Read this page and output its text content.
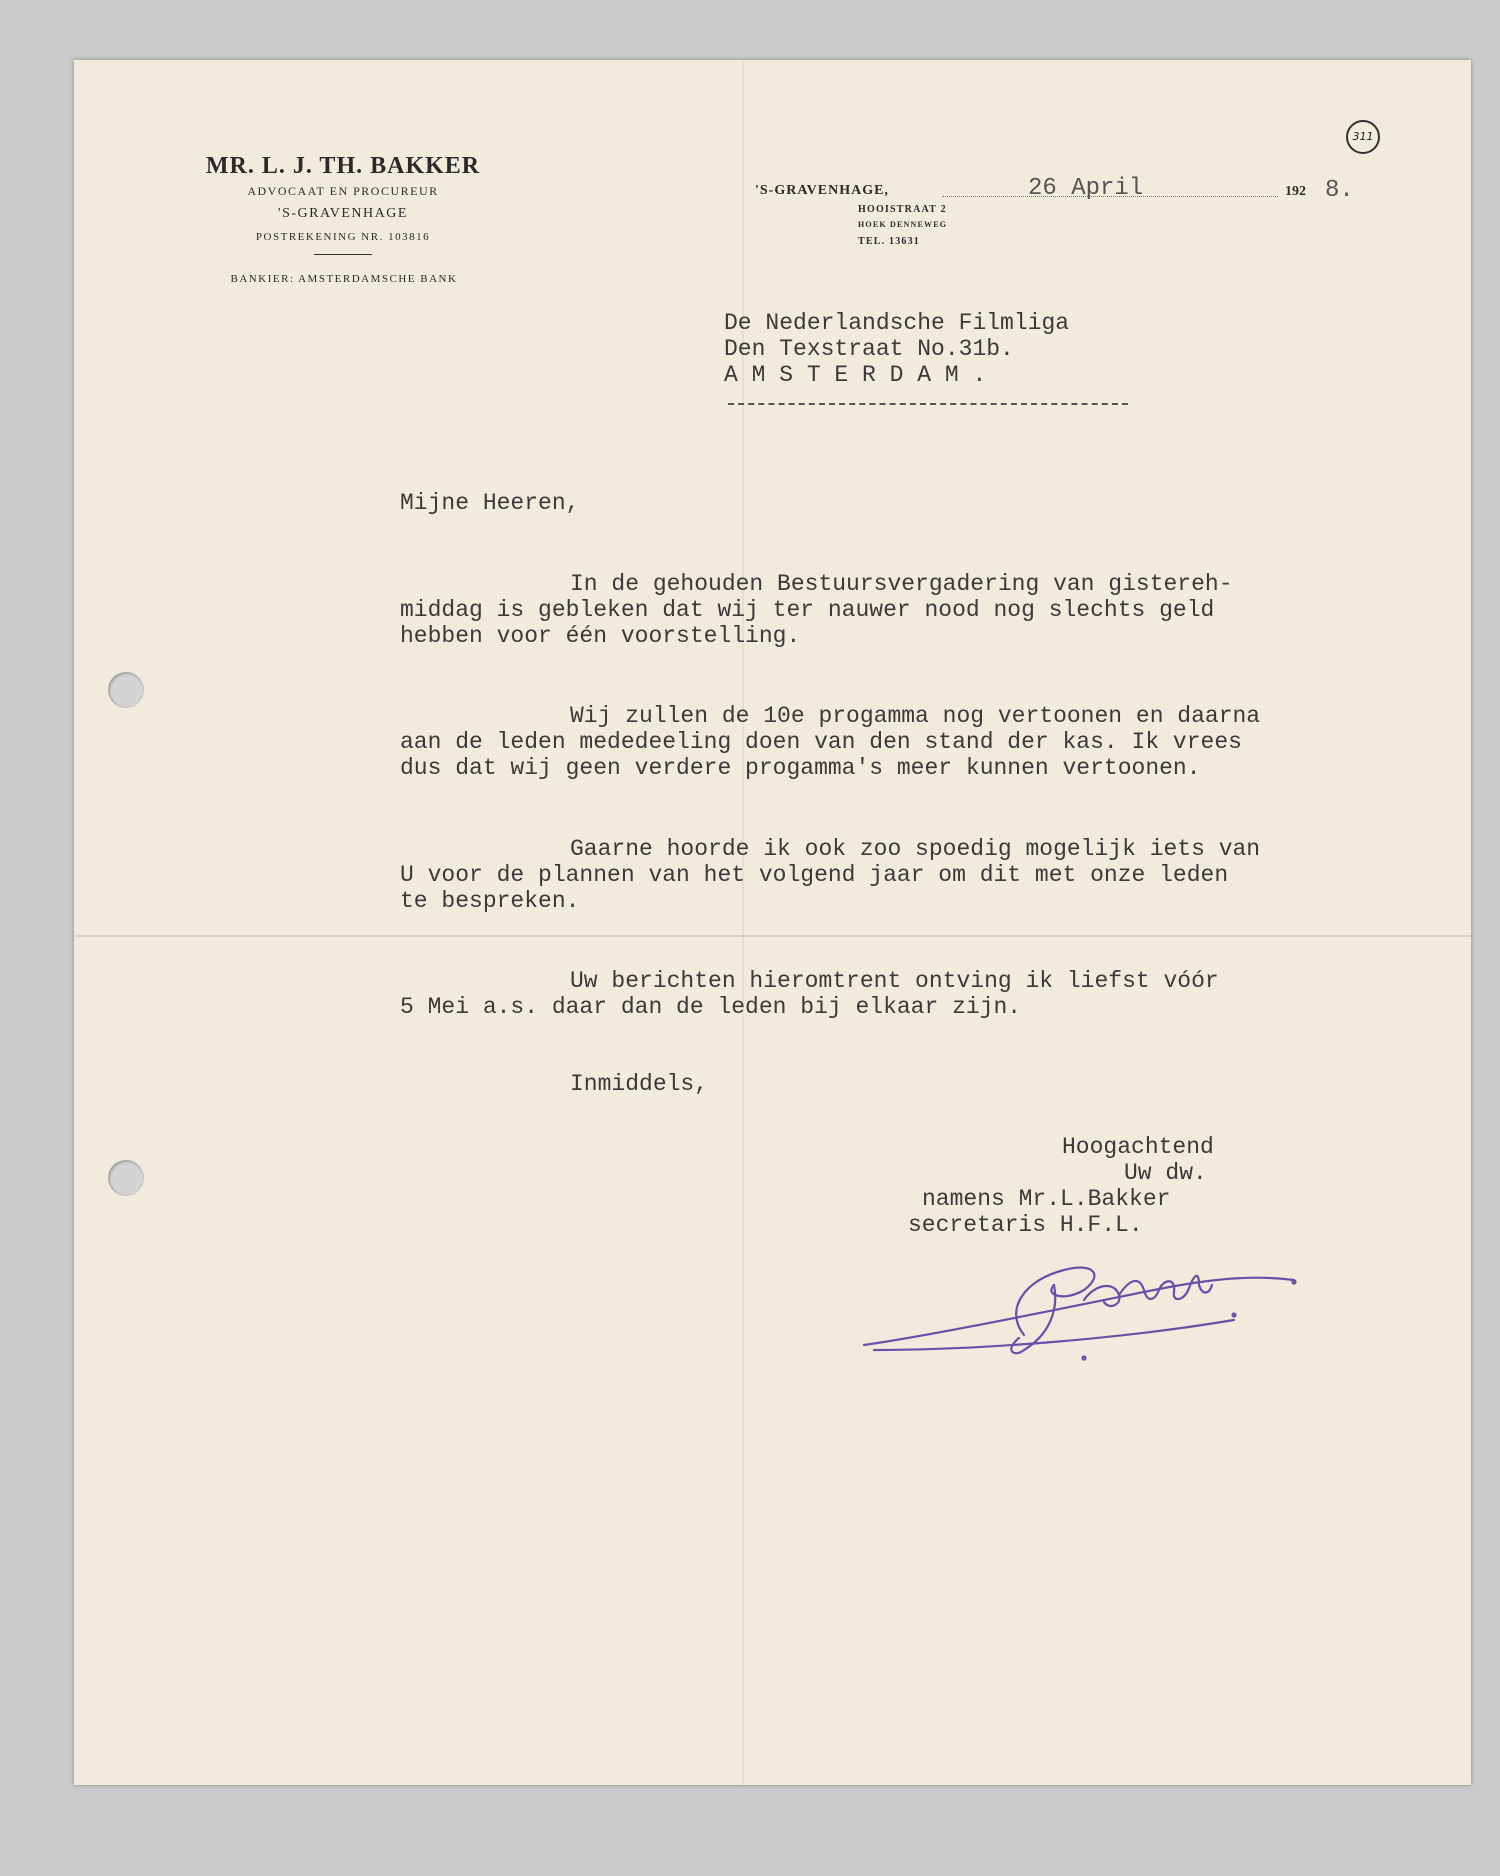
311
MR. L. J. TH. BAKKER
ADVOCAAT EN PROCUREUR
'S-GRAVENHAGE
POSTREKENING NR. 103816
BANKIER: AMSTERDAMSCHE BANK
'S-GRAVENHAGE,	26 April	192 8.
HOOISTRAAT 2
HOEK DENNEWEG
TEL. 13631
De Nederlandsche Filmliga
Den Texstraat No.31b.
A M S T E R D A M .
Mijne Heeren,
In de gehouden Bestuursvergadering van gistereh-
middag is gebleken dat wij ter nauwer nood nog slechts geld
hebben voor één voorstelling.
Wij zullen de 10e progamma nog vertoonen en daarna
aan de leden mededeeling doen van den stand der kas. Ik vrees
dus dat wij geen verdere progamma's meer kunnen vertoonen.
Gaarne hoorde ik ook zoo spoedig mogelijk iets van
U voor de plannen van het volgend jaar om dit met onze leden
te bespreken.
Uw berichten hieromtrent ontving ik liefst vóór
5 Mei a.s. daar dan de leden bij elkaar zijn.
Inmiddels,
Hoogachtend
Uw dw.
namens Mr.L.Bakker
secretaris H.F.L.
